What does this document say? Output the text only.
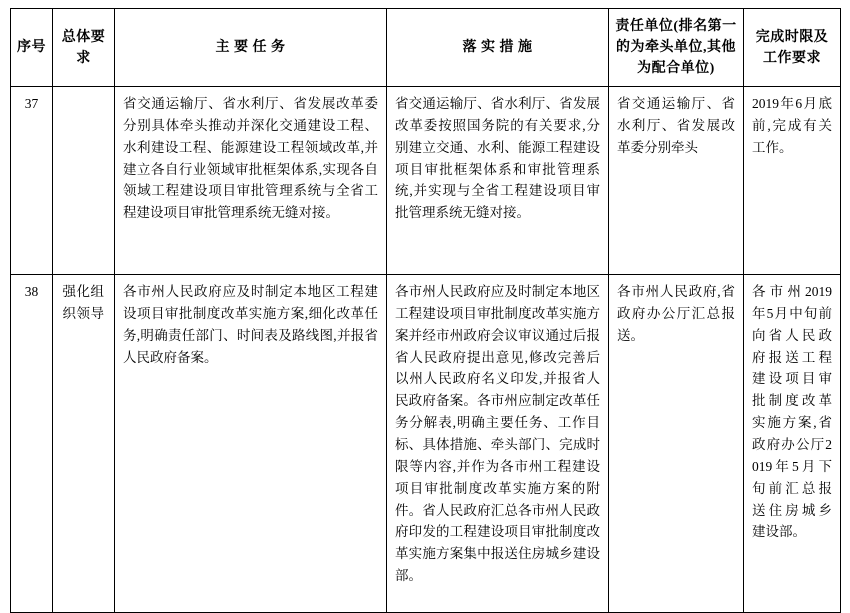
序号	总体要求	主 要 任 务	落 实 措 施	责任单位(排名第一的为牵头单位,其他为配合单位)	完成时限及工作要求
37		省交通运输厅、省水利厅、省发展改革委分别具体牵头推动并深化交通建设工程、水利建设工程、能源建设工程领域改革,并建立各自行业领域审批框架体系,实现各自领域工程建设项目审批管理系统与全省工程建设项目审批管理系统无缝对接。	省交通运输厅、省水利厅、省发展改革委按照国务院的有关要求,分别建立交通、水利、能源工程建设项目审批框架体系和审批管理系统,并实现与全省工程建设项目审批管理系统无缝对接。	省交通运输厅、省水利厅、省发展改革委分别牵头	2019年6月底前,完成有关工作。
38	强化组织领导	各市州人民政府应及时制定本地区工程建设项目审批制度改革实施方案,细化改革任务,明确责任部门、时间表及路线图,并报省人民政府备案。	各市州人民政府应及时制定本地区工程建设项目审批制度改革实施方案并经市州政府会议审议通过后报省人民政府提出意见,修改完善后以州人民政府名义印发,并报省人民政府备案。各市州应制定改革任务分解表,明确主要任务、工作目标、具体措施、牵头部门、完成时限等内容,并作为各市州工程建设项目审批制度改革实施方案的附件。省人民政府汇总各市州人民政府印发的工程建设项目审批制度改革实施方案集中报送住房城乡建设部。	各市州人民政府,省政府办公厅汇总报送。	各市州2019年5月中旬前向省人民政府报送工程建设项目审批制度改革实施方案,省政府办公厅2019年5月下旬前汇总报送住房城乡建设部。
